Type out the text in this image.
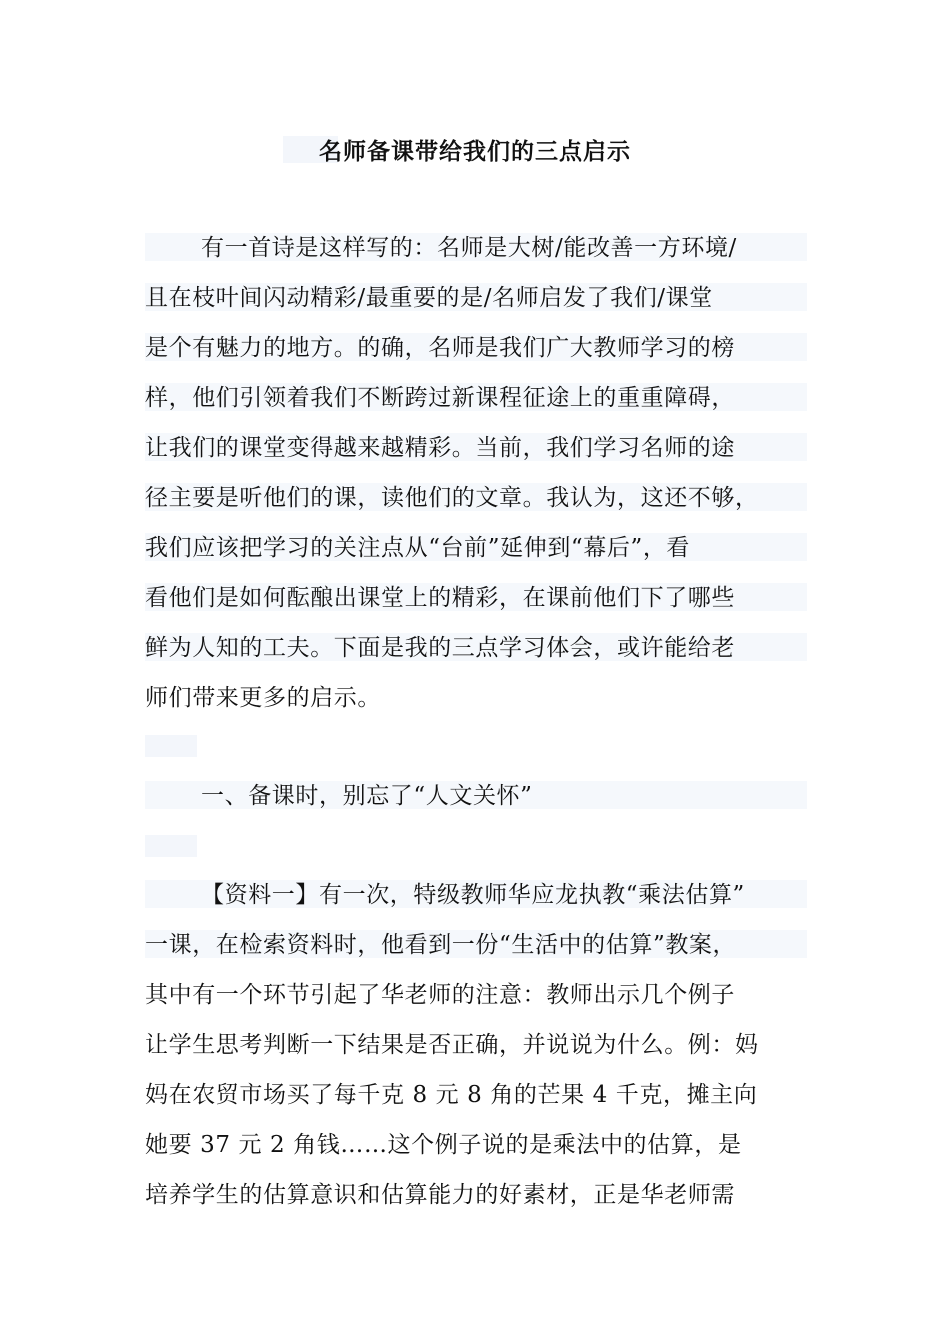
名师备课带给我们的三点启示
有一首诗是这样写的：名师是大树/能改善一方环境/
且在枝叶间闪动精彩/最重要的是/名师启发了我们/课堂
是个有魅力的地方。的确，名师是我们广大教师学习的榜
样，他们引领着我们不断跨过新课程征途上的重重障碍，
让我们的课堂变得越来越精彩。当前，我们学习名师的途
径主要是听他们的课，读他们的文章。我认为，这还不够，
我们应该把学习的关注点从“台前”延伸到“幕后”，看
看他们是如何酝酿出课堂上的精彩，在课前他们下了哪些
鲜为人知的工夫。下面是我的三点学习体会，或许能给老
师们带来更多的启示。
一、备课时，别忘了“人文关怀”
【资料一】有一次，特级教师华应龙执教“乘法估算”
一课，在检索资料时，他看到一份“生活中的估算”教案，
其中有一个环节引起了华老师的注意：教师出示几个例子
让学生思考判断一下结果是否正确，并说说为什么。例：妈
妈在农贸市场买了每千克 8 元 8 角的芒果 4 千克，摊主向
她要 37 元 2 角钱……这个例子说的是乘法中的估算，是
培养学生的估算意识和估算能力的好素材，正是华老师需
